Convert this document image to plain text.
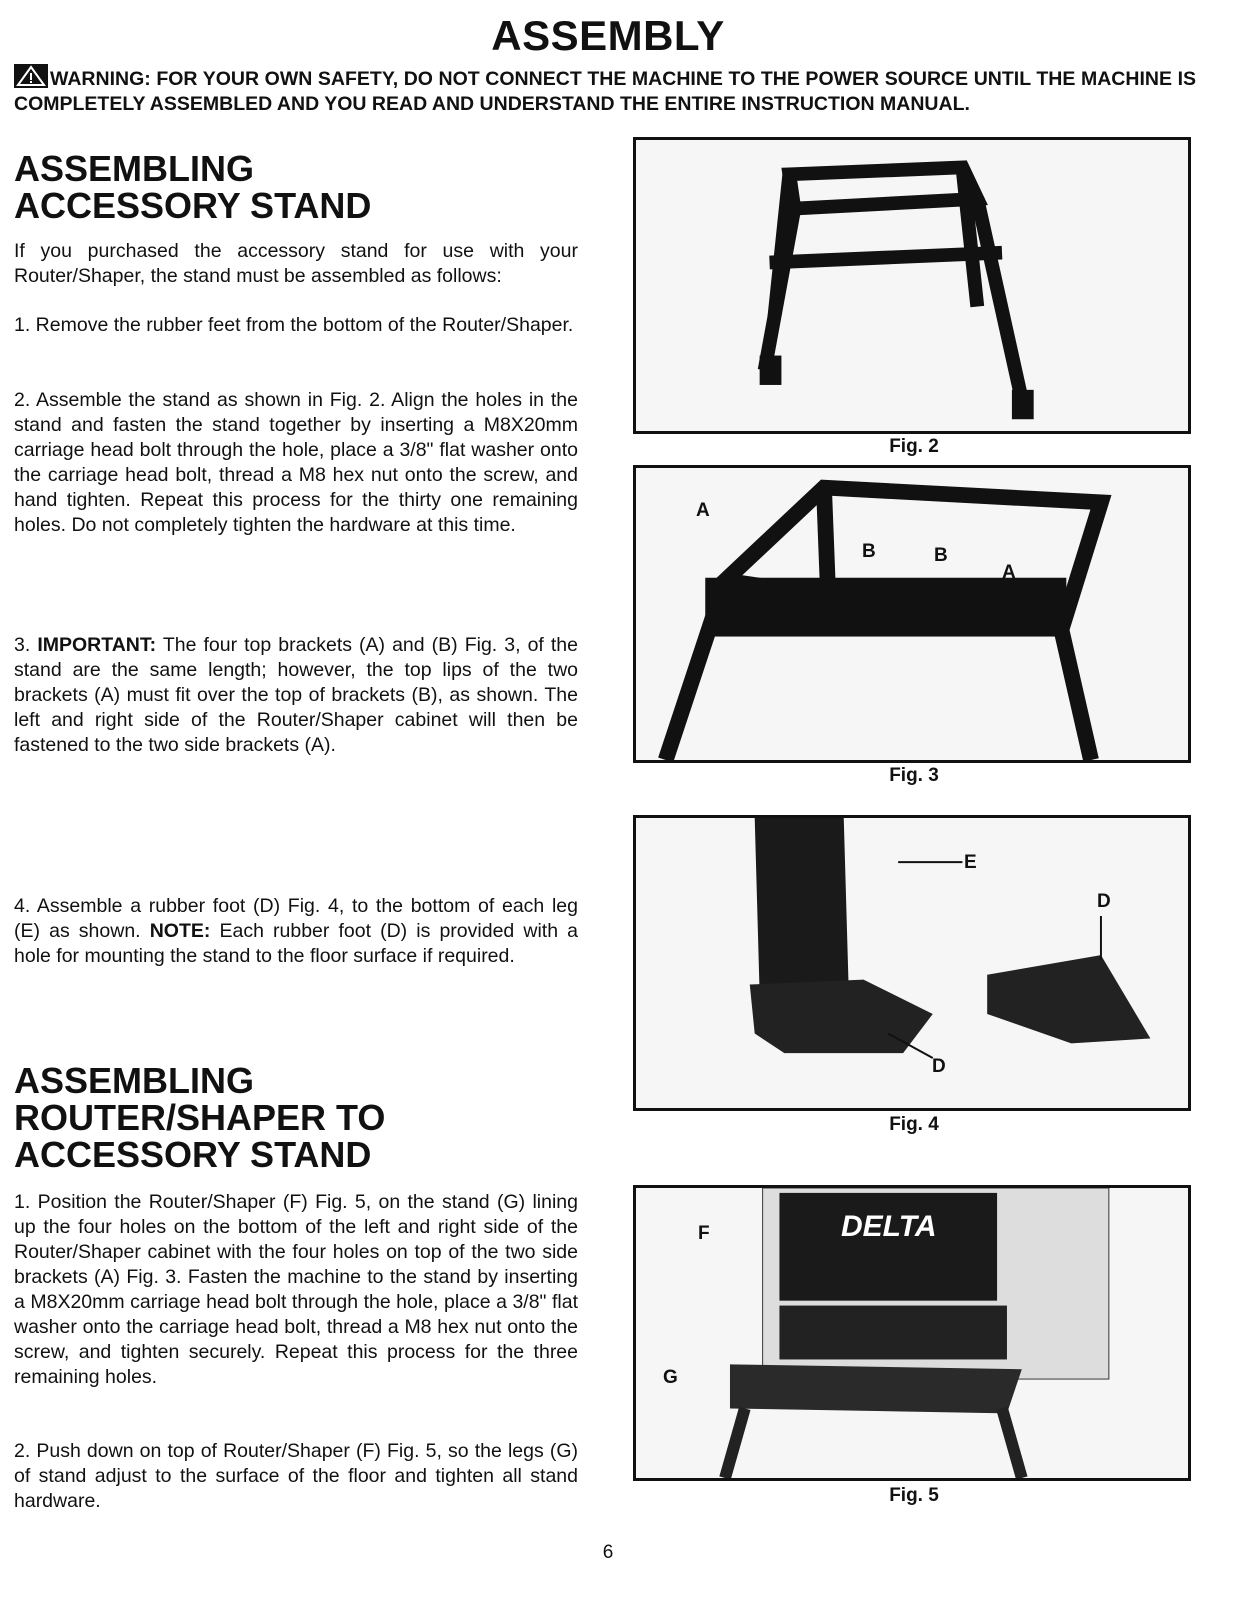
ASSEMBLY
WARNING: FOR YOUR OWN SAFETY, DO NOT CONNECT THE MACHINE TO THE POWER SOURCE UNTIL THE MACHINE IS COMPLETELY ASSEMBLED AND YOU READ AND UNDERSTAND THE ENTIRE INSTRUCTION MANUAL.
ASSEMBLING
ACCESSORY STAND
If you purchased the accessory stand for use with your Router/Shaper, the stand must be assembled as follows:
1. Remove the rubber feet from the bottom of the Router/Shaper.
2. Assemble the stand as shown in Fig. 2. Align the holes in the stand and fasten the stand together by inserting a M8X20mm carriage head bolt through the hole, place a 3/8" flat washer onto the carriage head bolt, thread a M8 hex nut onto the screw, and hand tighten. Repeat this process for the thirty one remaining holes. Do not completely tighten the hardware at this time.
3. IMPORTANT: The four top brackets (A) and (B) Fig. 3, of the stand are the same length; however, the top lips of the two brackets (A) must fit over the top of brackets (B), as shown. The left and right side of the Router/Shaper cabinet will then be fastened to the two side brackets (A).
4. Assemble a rubber foot (D) Fig. 4, to the bottom of each leg (E) as shown. NOTE: Each rubber foot (D) is provided with a hole for mounting the stand to the floor surface if required.
ASSEMBLING
ROUTER/SHAPER TO
ACCESSORY STAND
1. Position the Router/Shaper (F) Fig. 5, on the stand (G) lining up the four holes on the bottom of the left and right side of the Router/Shaper cabinet with the four holes on top of the two side brackets (A) Fig. 3. Fasten the machine to the stand by inserting a M8X20mm carriage head bolt through the hole, place a 3/8" flat washer onto the carriage head bolt, thread a M8 hex nut onto the screw, and tighten securely. Repeat this process for the three remaining holes.
2. Push down on top of Router/Shaper (F) Fig. 5, so the legs (G) of stand adjust to the surface of the floor and tighten all stand hardware.
Fig. 2
A
B	B
A
Fig. 3
E
D
D
Fig. 4
DELTA
F
G
Fig. 5
6
